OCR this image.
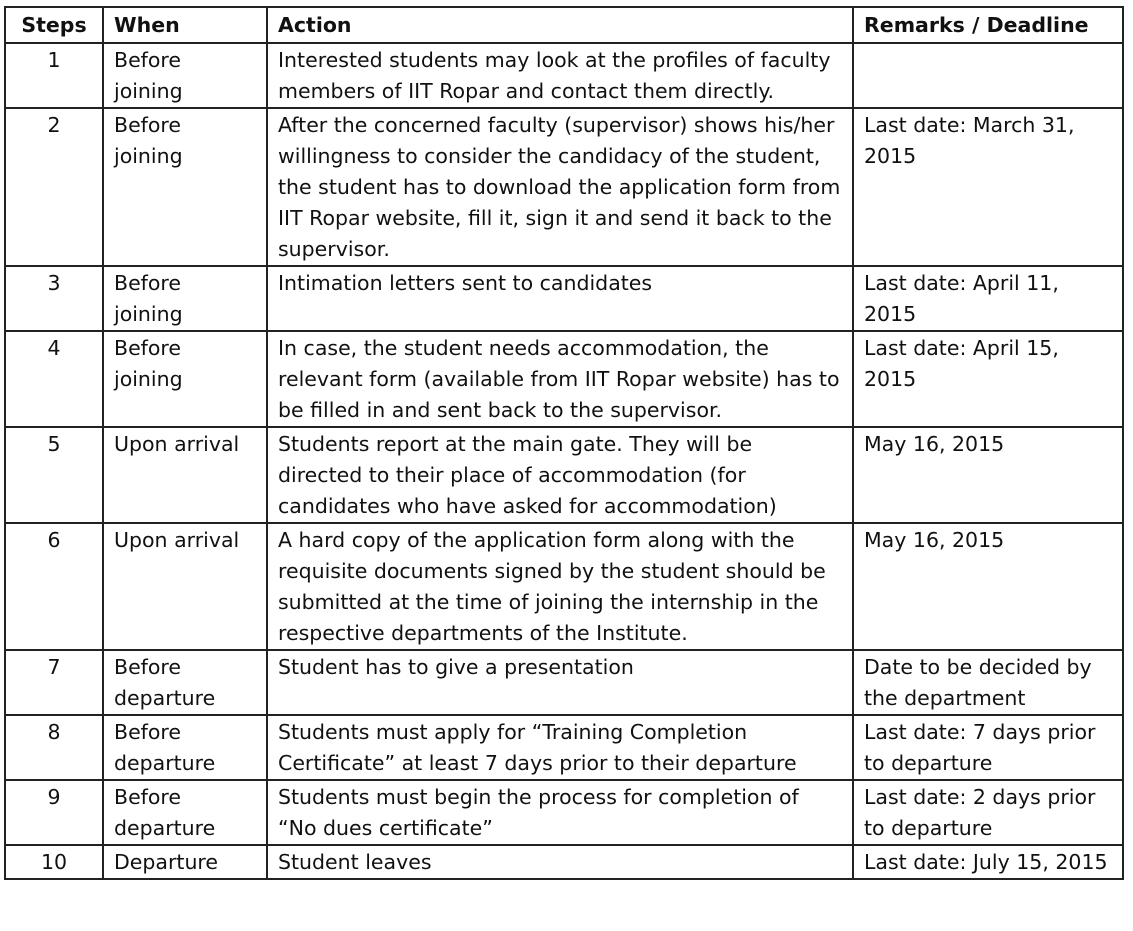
Steps	When	Action	Remarks / Deadline
1	Before joining	Interested students may look at the profiles of faculty members of IIT Ropar and contact them directly.	
2	Before joining	After the concerned faculty (supervisor) shows his/her willingness to consider the candidacy of the student, the student has to download the application form from IIT Ropar website, fill it, sign it and send it back to the supervisor.	Last date: March 31, 2015
3	Before joining	Intimation letters sent to candidates	Last date: April 11, 2015
4	Before joining	In case, the student needs accommodation, the relevant form (available from IIT Ropar website) has to be filled in and sent back to the supervisor.	Last date: April 15, 2015
5	Upon arrival	Students report at the main gate. They will be directed to their place of accommodation (for candidates who have asked for accommodation)	May 16, 2015
6	Upon arrival	A hard copy of the application form along with the requisite documents signed by the student should be submitted at the time of joining the internship in the respective departments of the Institute.	May 16, 2015
7	Before departure	Student has to give a presentation	Date to be decided by the department
8	Before departure	Students must apply for “Training Completion Certificate” at least 7 days prior to their departure	Last date: 7 days prior to departure
9	Before departure	Students must begin the process for completion of “No dues certificate”	Last date: 2 days prior to departure
10	Departure	Student leaves	Last date: July 15, 2015
